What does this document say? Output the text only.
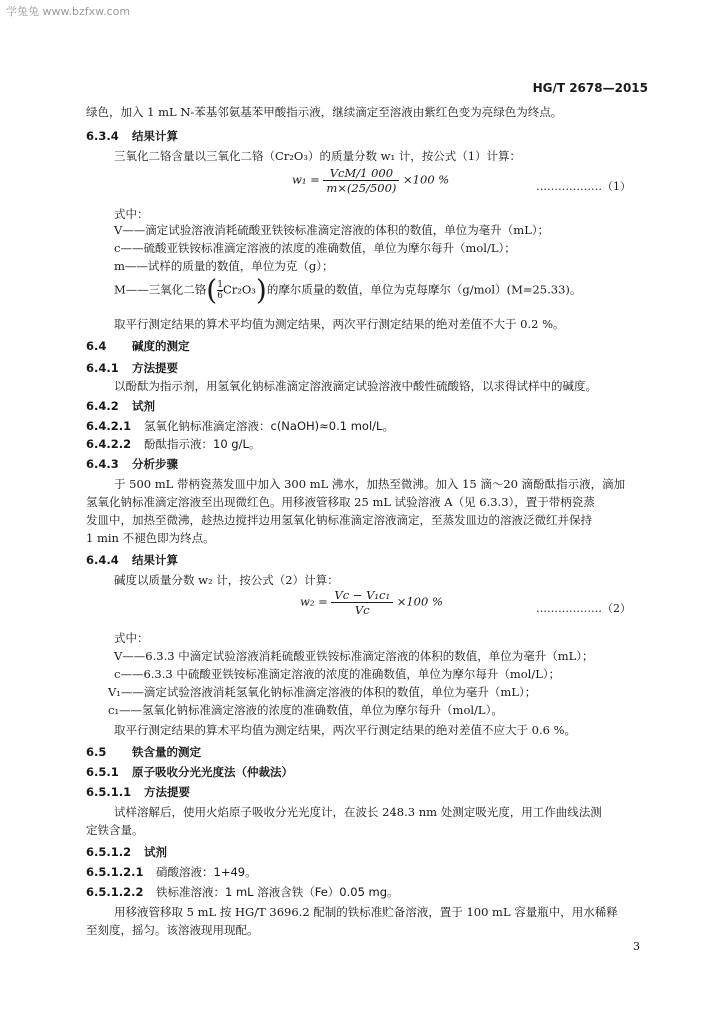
学兔兔 www.bzfxw.com
HG/T 2678—2015
绿色，加入 1 mL N-苯基邻氨基苯甲酸指示液，继续滴定至溶液由紫红色变为亮绿色为终点。
6.3.4 结果计算
三氧化二铬含量以三氧化二铬（Cr₂O₃）的质量分数 w₁ 计，按公式（1）计算：
$w_1 = \frac{\text{VcM/1 000}}{m\times(25/500)} \times 100$ %	………………（1）
式中：
V——滴定试验溶液消耗硫酸亚铁铵标准滴定溶液的体积的数值，单位为毫升（mL）；
c——硫酸亚铁铵标准滴定溶液的浓度的准确数值，单位为摩尔每升（mol/L）；
m——试样的质量的数值，单位为克（g）；
M——三氧化二铬( $\frac{1}{6}Cr_2O_3$)的摩尔质量的数值，单位为克每摩尔（g/mol）(M=25.33)。
取平行测定结果的算术平均值为测定结果，两次平行测定结果的绝对差值不大于 0.2 %。
6.4 碱度的测定
6.4.1 方法提要
以酚酞为指示剂，用氢氧化钠标准滴定溶液滴定试验溶液中酸性硫酸铬，以求得试样中的碱度。
6.4.2 试剂
6.4.2.1 氢氧化钠标准滴定溶液：c(NaOH)≈0.1 mol/L。
6.4.2.2 酚酞指示液：10 g/L。
6.4.3 分析步骤
于 500 mL 带柄瓷蒸发皿中加入 300 mL 沸水，加热至微沸。加入 15 滴～20 滴酚酞指示液，滴加
氢氧化钠标准滴定溶液至出现微红色。用移液管移取 25 mL 试验溶液 A（见 6.3.3），置于带柄瓷蒸
发皿中，加热至微沸，趁热边搅拌边用氢氧化钠标准滴定溶液滴定，至蒸发皿边的溶液泛微红并保持
1 min 不褪色即为终点。
6.4.4 结果计算
碱度以质量分数 w₂ 计，按公式（2）计算：
$w_2 = \frac{\text{Vc − V₁c₁}}{Vc} \times 100$ %	………………（2）
式中：
V——6.3.3 中滴定试验溶液消耗硫酸亚铁铵标准滴定溶液的体积的数值，单位为毫升（mL）；
c——6.3.3 中硫酸亚铁铵标准滴定溶液的浓度的准确数值，单位为摩尔每升（mol/L）；
V₁——滴定试验溶液消耗氢氧化钠标准滴定溶液的体积的数值，单位为毫升（mL）；
c₁——氢氧化钠标准滴定溶液的浓度的准确数值，单位为摩尔每升（mol/L）。
取平行测定结果的算术平均值为测定结果，两次平行测定结果的绝对差值不应大于 0.6 %。
6.5 铁含量的测定
6.5.1 原子吸收分光光度法（仲裁法）
6.5.1.1 方法提要
试样溶解后，使用火焰原子吸收分光光度计，在波长 248.3 nm 处测定吸光度，用工作曲线法测
定铁含量。
6.5.1.2 试剂
6.5.1.2.1 硝酸溶液：1+49。
6.5.1.2.2 铁标准溶液：1 mL 溶液含铁（Fe）0.05 mg。
用移液管移取 5 mL 按 HG/T 3696.2 配制的铁标准贮备溶液，置于 100 mL 容量瓶中，用水稀释
至刻度，摇匀。该溶液现用现配。
3
